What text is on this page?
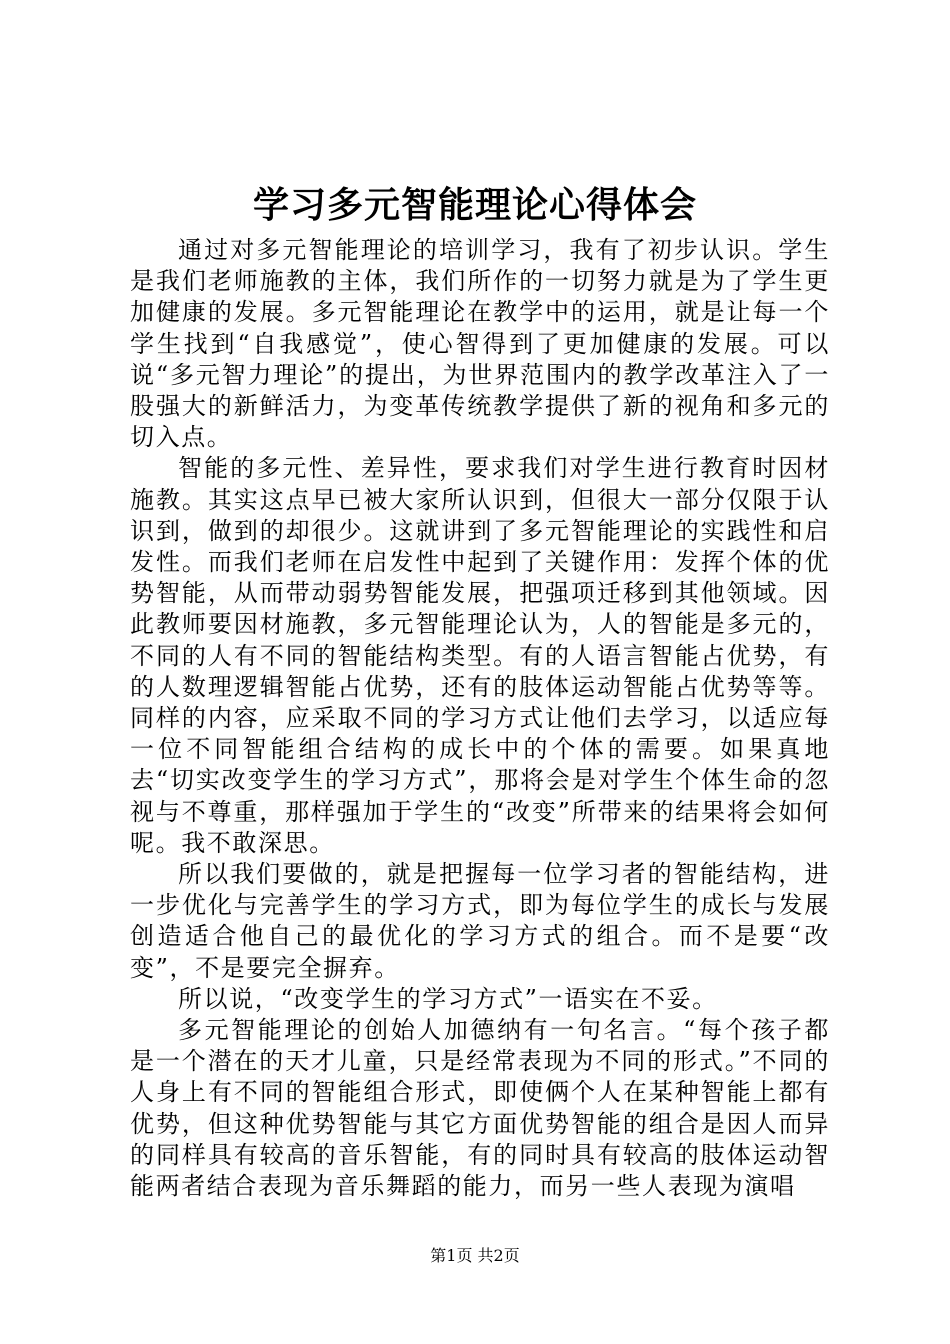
学习多元智能理论心得体会

通过对多元智能理论的培训学习，我有了初步认识。学生是我们老师施教的主体，我们所作的一切努力就是为了学生更加健康的发展。多元智能理论在教学中的运用，就是让每一个学生找到“自我感觉”，使心智得到了更加健康的发展。可以说“多元智力理论”的提出，为世界范围内的教学改革注入了一股强大的新鲜活力，为变革传统教学提供了新的视角和多元的切入点。

智能的多元性、差异性，要求我们对学生进行教育时因材施教。其实这点早已被大家所认识到，但很大一部分仅限于认识到，做到的却很少。这就讲到了多元智能理论的实践性和启发性。而我们老师在启发性中起到了关键作用：发挥个体的优势智能，从而带动弱势智能发展，把强项迁移到其他领域。因此教师要因材施教，多元智能理论认为，人的智能是多元的，不同的人有不同的智能结构类型。有的人语言智能占优势，有的人数理逻辑智能占优势，还有的肢体运动智能占优势等等。同样的内容，应采取不同的学习方式让他们去学习，以适应每一位不同智能组合结构的成长中的个体的需要。如果真地去“切实改变学生的学习方式”，那将会是对学生个体生命的忽视与不尊重，那样强加于学生的“改变”所带来的结果将会如何呢。我不敢深思。

所以我们要做的，就是把握每一位学习者的智能结构，进一步优化与完善学生的学习方式，即为每位学生的成长与发展创造适合他自己的最优化的学习方式的组合。而不是要“改变”，不是要完全摒弃。

所以说，“改变学生的学习方式”一语实在不妥。

多元智能理论的创始人加德纳有一句名言。“每个孩子都是一个潜在的天才儿童，只是经常表现为不同的形式。”不同的人身上有不同的智能组合形式，即使俩个人在某种智能上都有优势，但这种优势智能与其它方面优势智能的组合是因人而异的同样具有较高的音乐智能，有的同时具有较高的肢体运动智能两者结合表现为音乐舞蹈的能力，而另一些人表现为演唱

第1页 共2页
